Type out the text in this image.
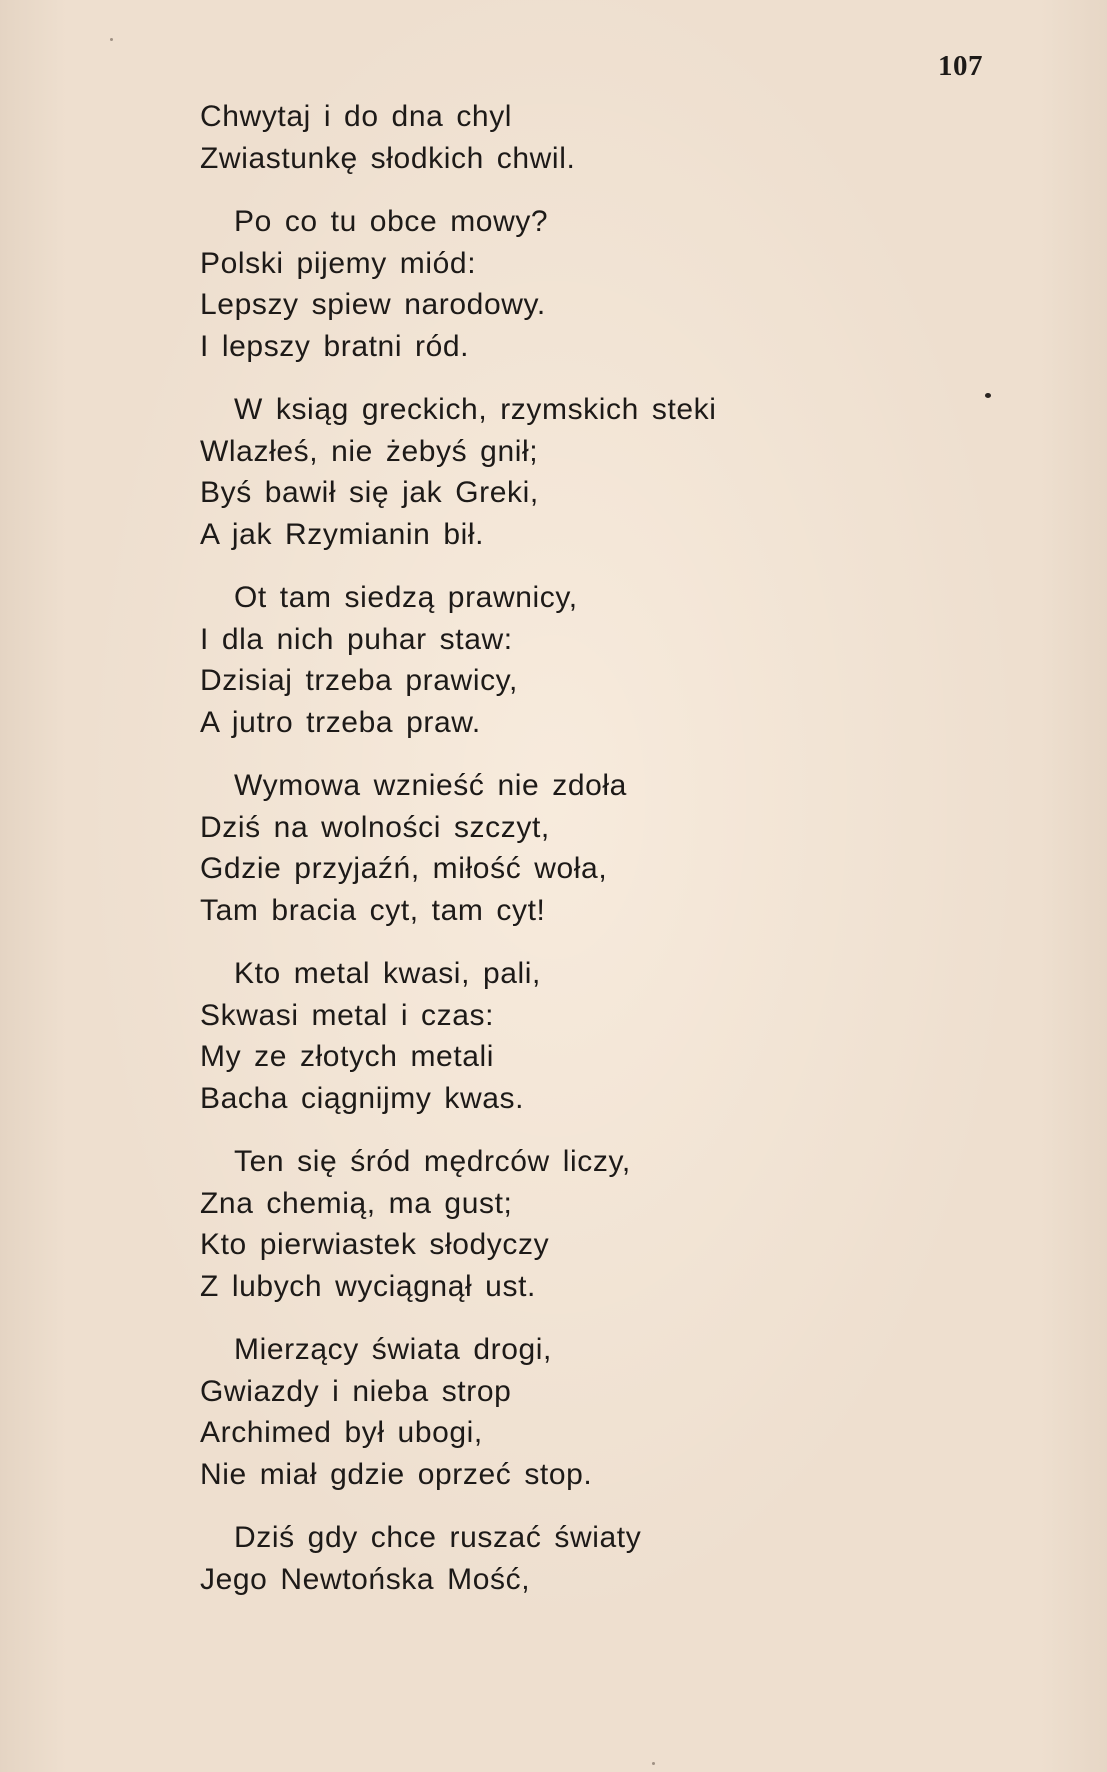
107
Chwytaj i do dna chyl
Zwiastunkę słodkich chwil.
Po co tu obce mowy?
Polski pijemy miód:
Lepszy spiew narodowy.
I lepszy bratni ród.
W ksiąg greckich, rzymskich steki
Wlazłeś, nie żebyś gnił;
Byś bawił się jak Greki,
A jak Rzymianin bił.
Ot tam siedzą prawnicy,
I dla nich puhar staw:
Dzisiaj trzeba prawicy,
A jutro trzeba praw.
Wymowa wznieść nie zdoła
Dziś na wolności szczyt,
Gdzie przyjaźń, miłość woła,
Tam bracia cyt, tam cyt!
Kto metal kwasi, pali,
Skwasi metal i czas:
My ze złotych metali
Bacha ciągnijmy kwas.
Ten się śród mędrców liczy,
Zna chemią, ma gust;
Kto pierwiastek słodyczy
Z lubych wyciągnął ust.
Mierzący świata drogi,
Gwiazdy i nieba strop
Archimed był ubogi,
Nie miał gdzie oprzeć stop.
Dziś gdy chce ruszać światy
Jego Newtońska Mość,
